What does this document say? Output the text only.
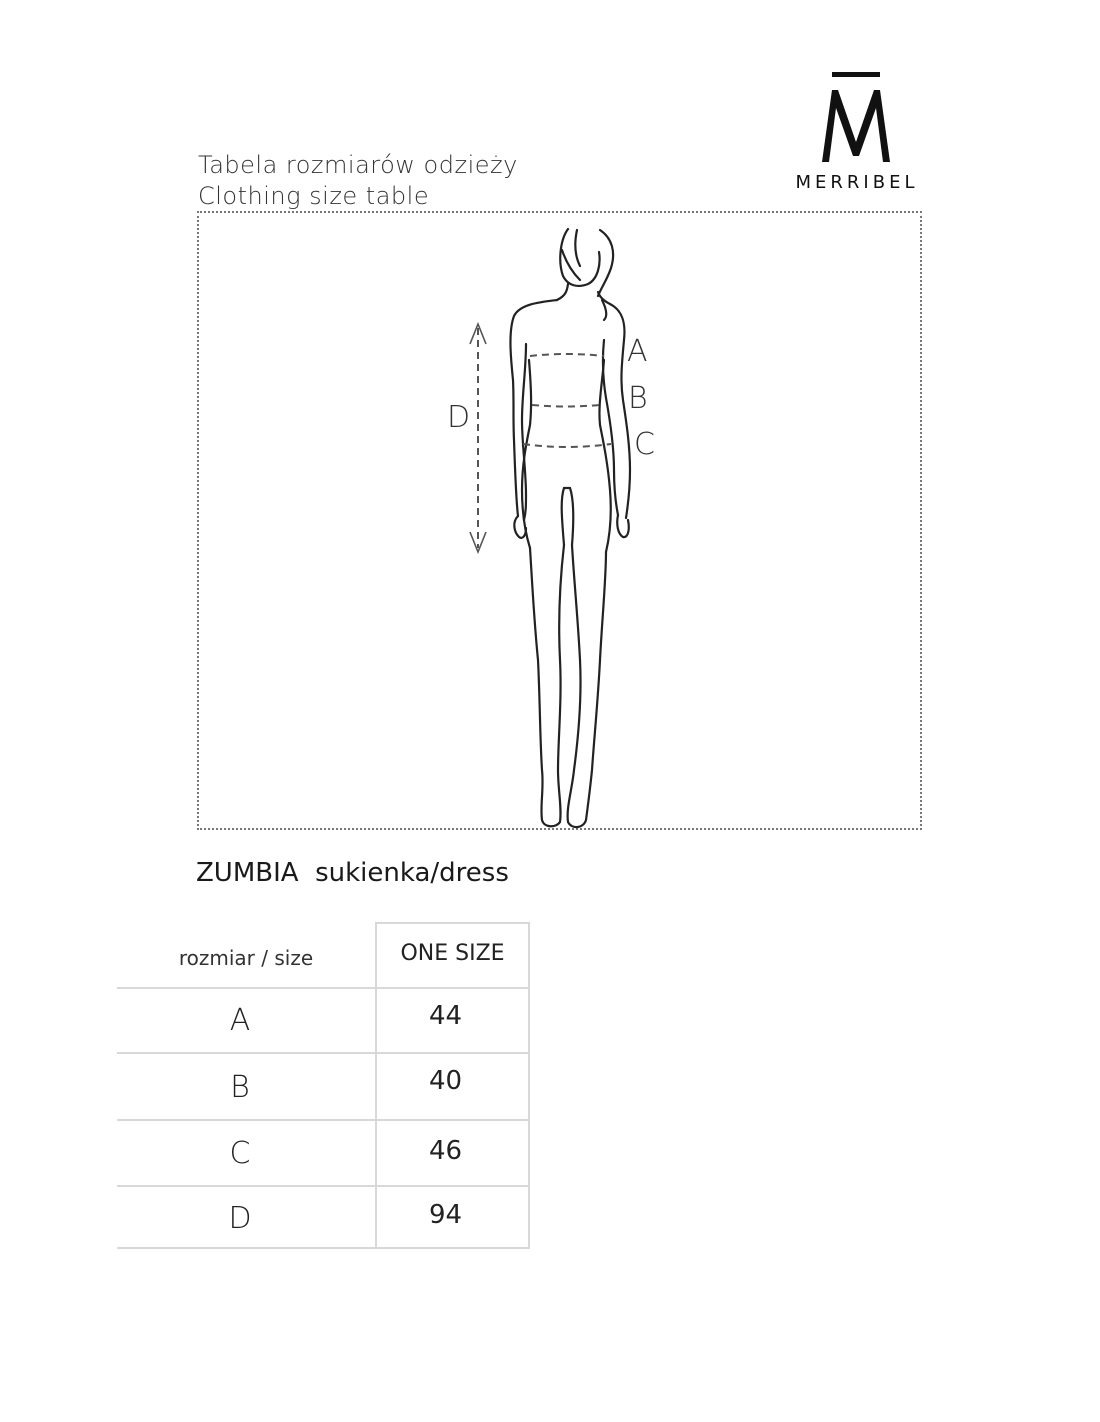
Tabela rozmiarów odzieży
Clothing size table	MERRIBEL
A
B
C
D
ZUMBIA  sukienka/dress
rozmiar / size	ONE SIZE
A	44
B	40
C	46
D	94
